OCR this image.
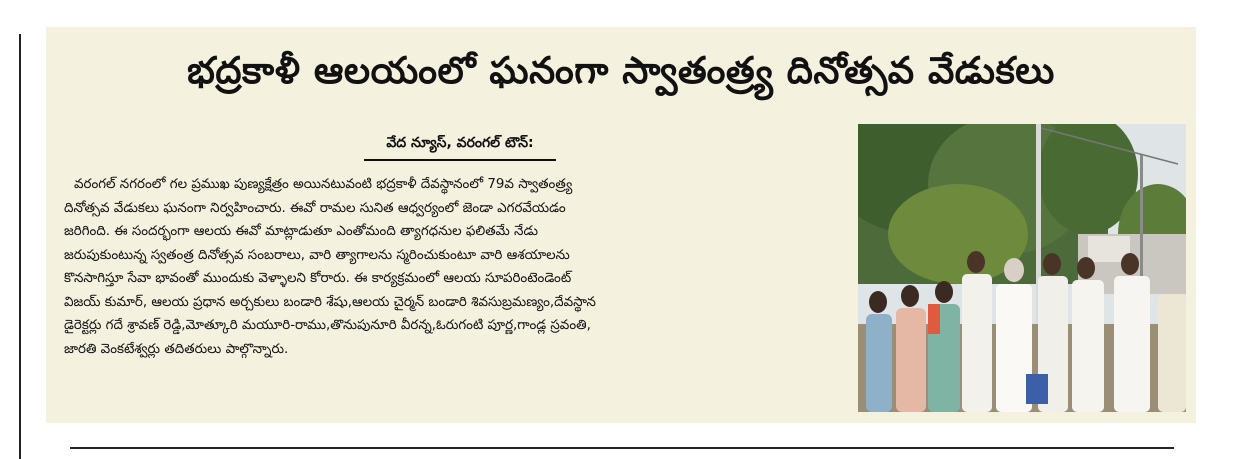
భద్రకాళీ ఆలయంలో ఘనంగా స్వాతంత్ర్య దినోత్సవ వేడుకలు
వేద న్యూస్, వరంగల్ టౌన్:
వరంగల్ నగరంలో గల ప్రముఖ పుణ్యక్షేత్రం అయినటువంటి భద్రకాళీ దేవస్థానంలో 79వ స్వాతంత్ర్య
దినోత్సవ వేడుకలు ఘనంగా నిర్వహించారు. ఈవో రామల సునిత ఆధ్వర్యంలో జెండా ఎగరవేయడం
జరిగింది. ఈ సందర్భంగా ఆలయ ఈవో మాట్లాడుతూ ఎంతోమంది త్యాగధనుల ఫలితమే నేడు
జరుపుకుంటున్న స్వతంత్ర దినోత్సవ సంబరాలు, వారి త్యాగాలను స్మరించుకుంటూ వారి ఆశయాలను
కొనసాగిస్తూ సేవా భావంతో ముందుకు వెళ్ళాలని కోరారు. ఈ కార్యక్రమంలో ఆలయ సూపరింటెండెంట్
విజయ్ కుమార్, ఆలయ ప్రధాన అర్చకులు బండారి శేషు,ఆలయ చైర్మన్ బండారి శివసుబ్రమణ్యం,దేవస్థాన
డైరెక్టర్లు గదే శ్రావణ్ రెడ్డి,మోత్కూరి మయూరి-రాము,తొనుపునూరి వీరన్న,ఓరుగంటి పూర్ణ,గాండ్ల స్రవంతి,
జారతి వెంకటేశ్వర్లు తదితరులు పాల్గొన్నారు.
